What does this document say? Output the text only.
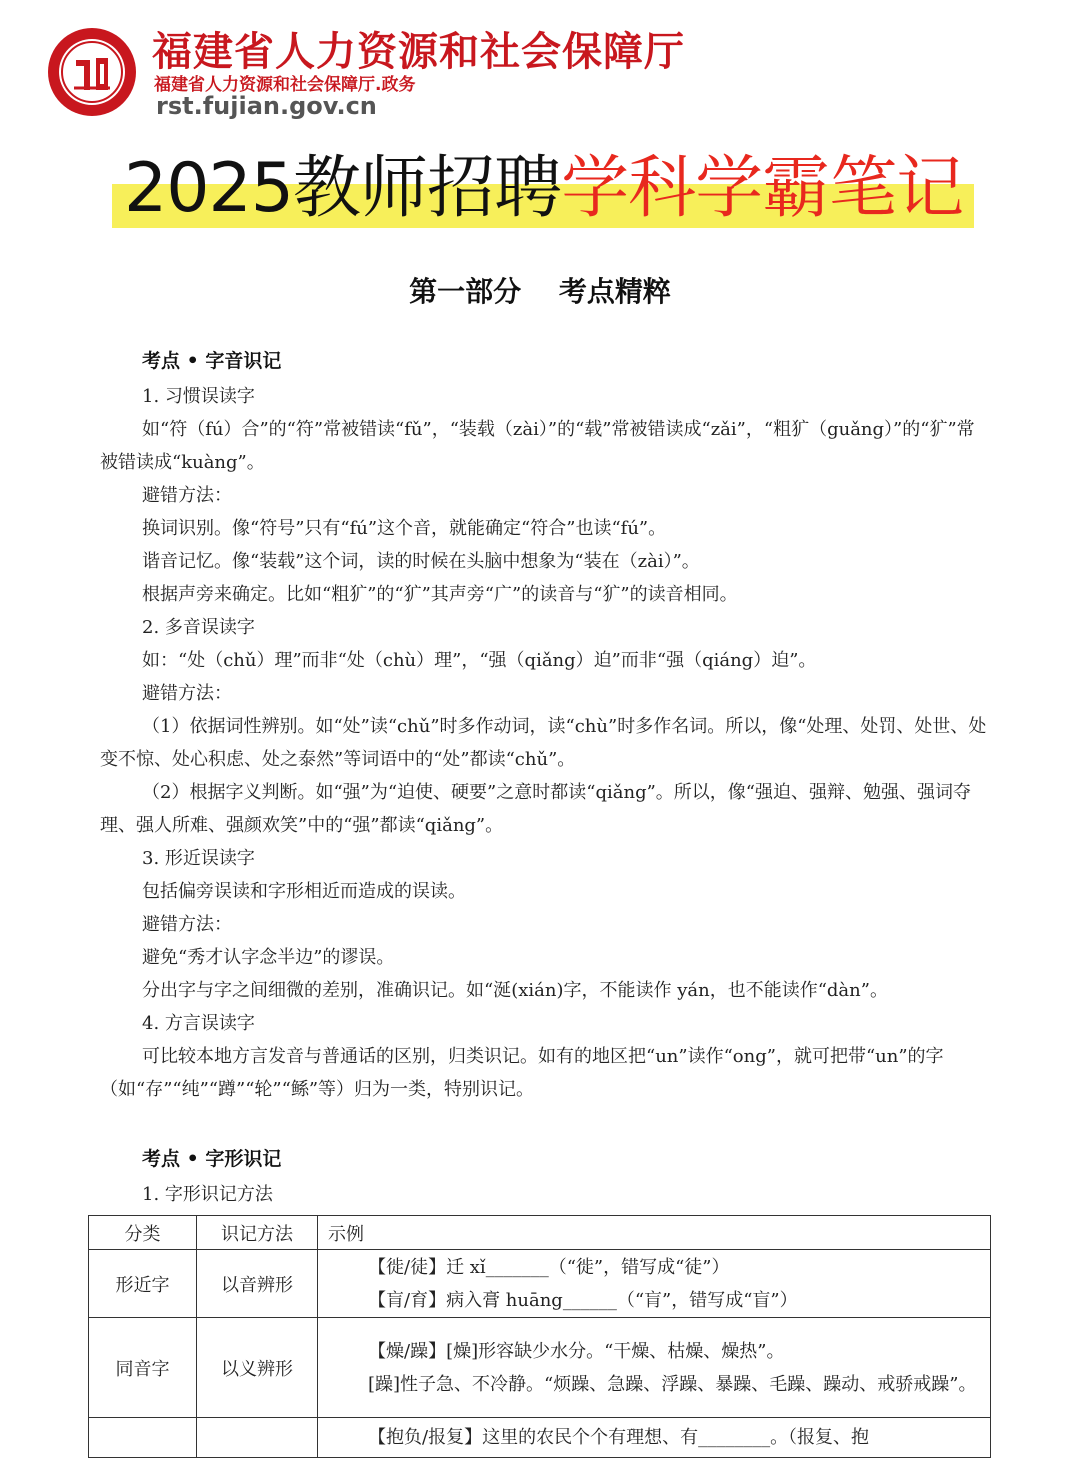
福建省人力资源和社会保障厅
福建省人力资源和社会保障厅.政务
rst.fujian.gov.cn
2025教师招聘学科学霸笔记
第一部分 考点精粹
考点 • 字音识记
1. 习惯误读字
如“符（fú）合”的“符”常被错读“fǔ”，“装载（zài）”的“载”常被错读成“zǎi”，“粗犷（guǎng）”的“犷”常被错读成“kuàng”。
避错方法：
换词识别。像“符号”只有“fú”这个音，就能确定“符合”也读“fú”。
谐音记忆。像“装载”这个词，读的时候在头脑中想象为“装在（zài）”。
根据声旁来确定。比如“粗犷”的“犷”其声旁“广”的读音与“犷”的读音相同。
2. 多音误读字
如：“处（chǔ）理”而非“处（chù）理”，“强（qiǎng）迫”而非“强（qiáng）迫”。
避错方法：
（1）依据词性辨别。如“处”读“chǔ”时多作动词，读“chù”时多作名词。所以，像“处理、处罚、处世、处变不惊、处心积虑、处之泰然”等词语中的“处”都读“chǔ”。
（2）根据字义判断。如“强”为“迫使、硬要”之意时都读“qiǎng”。所以，像“强迫、强辩、勉强、强词夺理、强人所难、强颜欢笑”中的“强”都读“qiǎng”。
3. 形近误读字
包括偏旁误读和字形相近而造成的误读。
避错方法：
避免“秀才认字念半边”的谬误。
分出字与字之间细微的差别，准确识记。如“涎(xián)字，不能读作 yán，也不能读作“dàn”。
4. 方言误读字
可比较本地方言发音与普通话的区别，归类识记。如有的地区把“un”读作“ong”，就可把带“un”的字（如“存”“纯”“蹲”“轮”“鲧”等）归为一类，特别识记。
考点 • 字形识记
1. 字形识记方法
分类	识记方法	示例
形近字	以音辨形	【徙/徒】迁 xǐ_______（“徙”，错写成“徒”）
【肓/育】病入膏 huāng______（“肓”，错写成“盲”）

同音字	以义辨形	【燥/躁】[燥]形容缺少水分。“干燥、枯燥、燥热”。
[躁]性子急、不冷静。“烦躁、急躁、浮躁、暴躁、毛躁、躁动、戒骄戒躁”。

		【抱负/报复】这里的农民个个有理想、有________。（报复、抱
